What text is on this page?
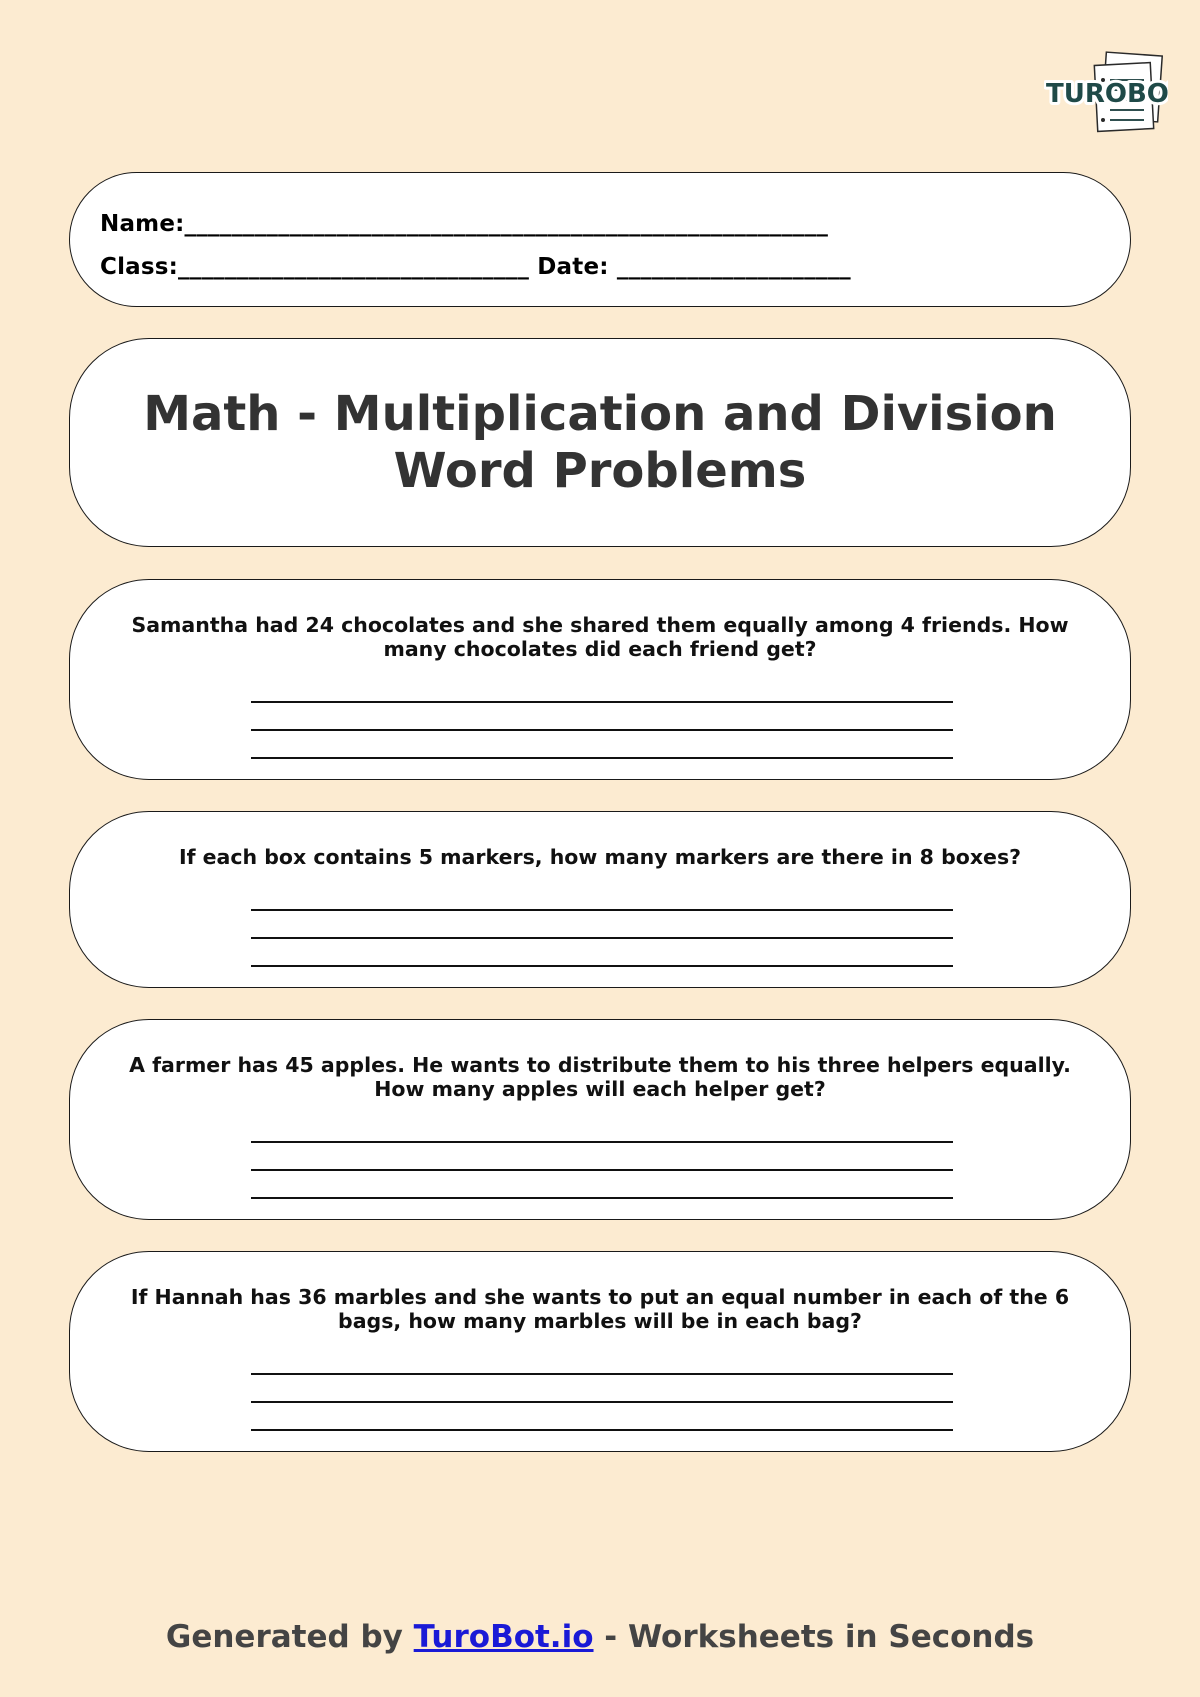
TUROBO
TUROBO
Name:_______________________________________________________
Class:______________________________ Date: ____________________
Math - Multiplication and Division Word Problems

Samantha had 24 chocolates and she shared them equally among 4 friends. How many chocolates did each friend get?

If each box contains 5 markers, how many markers are there in 8 boxes?

A farmer has 45 apples. He wants to distribute them to his three helpers equally. How many apples will each helper get?

If Hannah has 36 marbles and she wants to put an equal number in each of the 6 bags, how many marbles will be in each bag?

Generated by TuroBot.io - Worksheets in Seconds
